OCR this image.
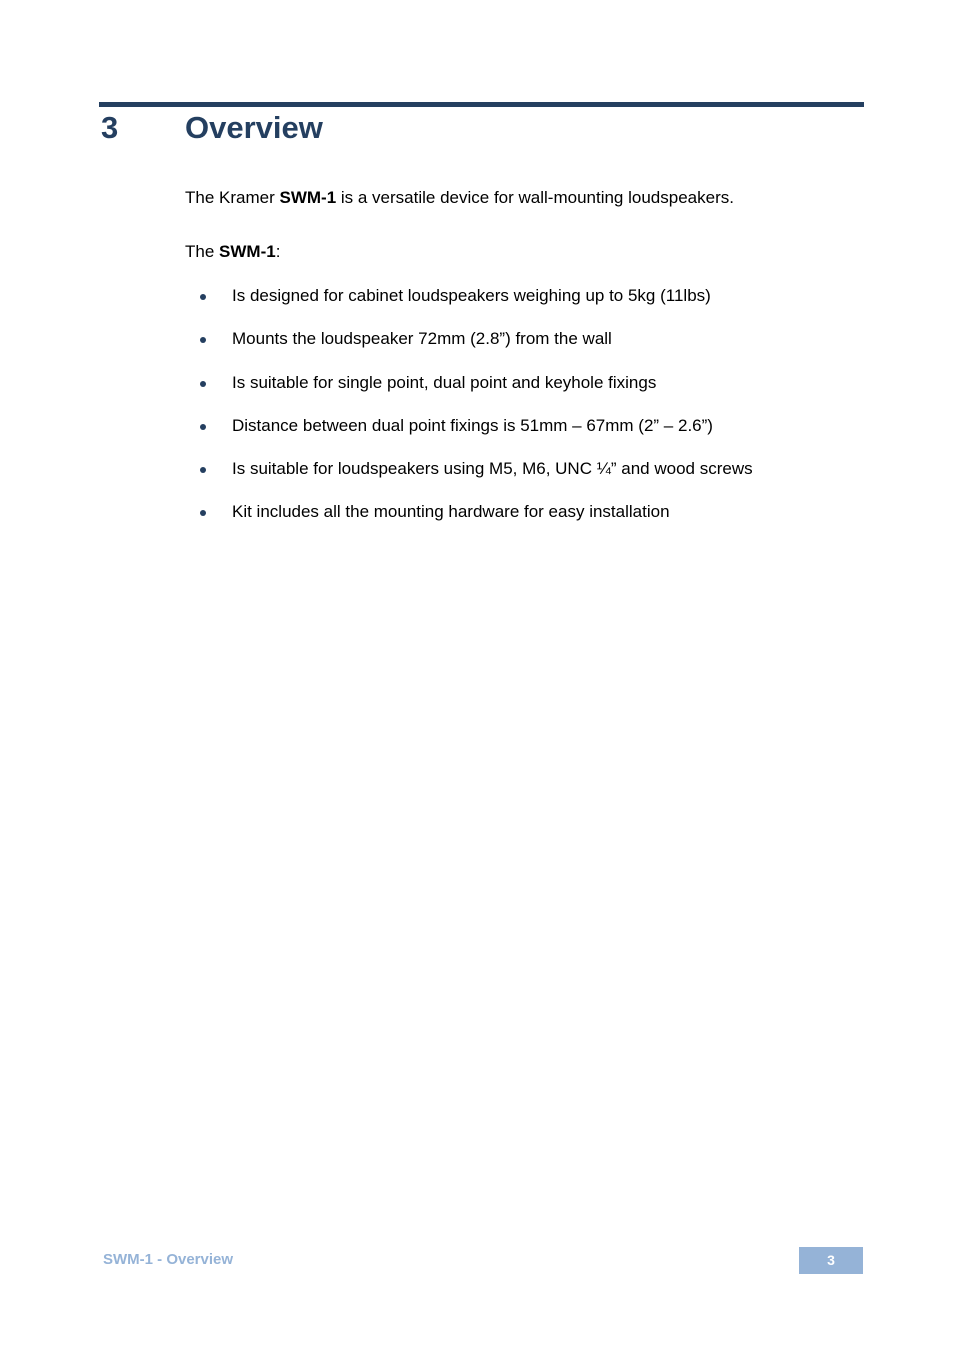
3 Overview
The Kramer SWM-1 is a versatile device for wall-mounting loudspeakers.
The SWM-1:
Is designed for cabinet loudspeakers weighing up to 5kg (11lbs)
Mounts the loudspeaker 72mm (2.8”) from the wall
Is suitable for single point, dual point and keyhole fixings
Distance between dual point fixings is 51mm – 67mm (2” – 2.6”)
Is suitable for loudspeakers using M5, M6, UNC ¼” and wood screws
Kit includes all the mounting hardware for easy installation
SWM-1 - Overview	3
